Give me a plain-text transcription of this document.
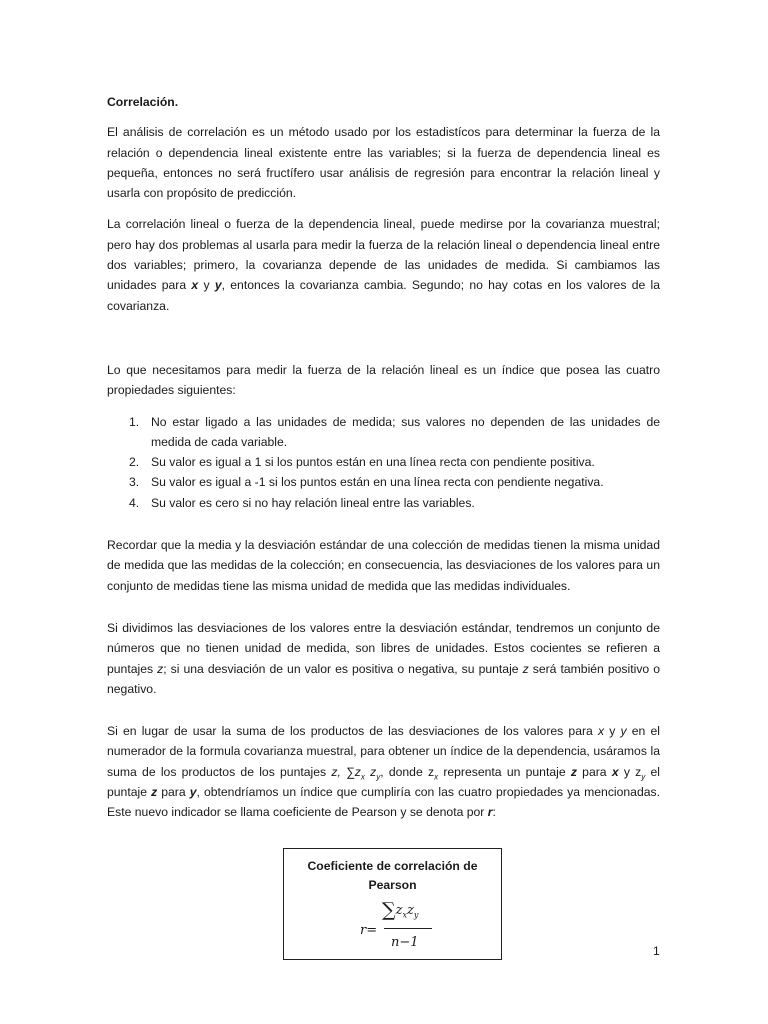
Correlación.

El análisis de correlación es un método usado por los estadistícos para determinar la fuerza de la relación o dependencia lineal existente entre las variables; si la fuerza de dependencia lineal es pequeña, entonces no será fructífero usar análisis de regresión para encontrar la relación lineal y usarla con propósito de predicción.

La correlación lineal o fuerza de la dependencia lineal, puede medirse por la covarianza muestral; pero hay dos problemas al usarla para medir la fuerza de la relación lineal o dependencia lineal entre dos variables; primero, la covarianza depende de las unidades de medida. Si cambiamos las unidades para x y y, entonces la covarianza cambia. Segundo; no hay cotas en los valores de la covarianza.

Lo que necesitamos para medir la fuerza de la relación lineal es un índice que posea las cuatro propiedades siguientes:

1. No estar ligado a las unidades de medida; sus valores no dependen de las unidades de medida de cada variable.
2. Su valor es igual a 1 si los puntos están en una línea recta con pendiente positiva.
3. Su valor es igual a -1 si los puntos están en una línea recta con pendiente negativa.
4. Su valor es cero si no hay relación lineal entre las variables.

Recordar que la media y la desviación estándar de una colección de medidas tienen la misma unidad de medida que las medidas de la colección; en consecuencia, las desviaciones de los valores para un conjunto de medidas tiene las misma unidad de medida que las medidas individuales.

Si dividimos las desviaciones de los valores entre la desviación estándar, tendremos un conjunto de números que no tienen unidad de medida, son libres de unidades. Estos cocientes se refieren a puntajes z; si una desviación de un valor es positiva o negativa, su puntaje z será también positivo o negativo.

Si en lugar de usar la suma de los productos de las desviaciones de los valores para x y y en el numerador de la formula covarianza muestral, para obtener un índice de la dependencia, usáramos la suma de los productos de los puntajes z, $\sum z_x$ $z_y$, donde $z_x$ representa un puntaje z para x y $z_y$ el puntaje z para y, obtendríamos un índice que cumpliría con las cuatro propiedades ya mencionadas. Este nuevo indicador se llama coeficiente de Pearson y se denota por r:

Coeficiente de correlación de Pearson
r=
$\sum z_xz_y$
n−1
1
